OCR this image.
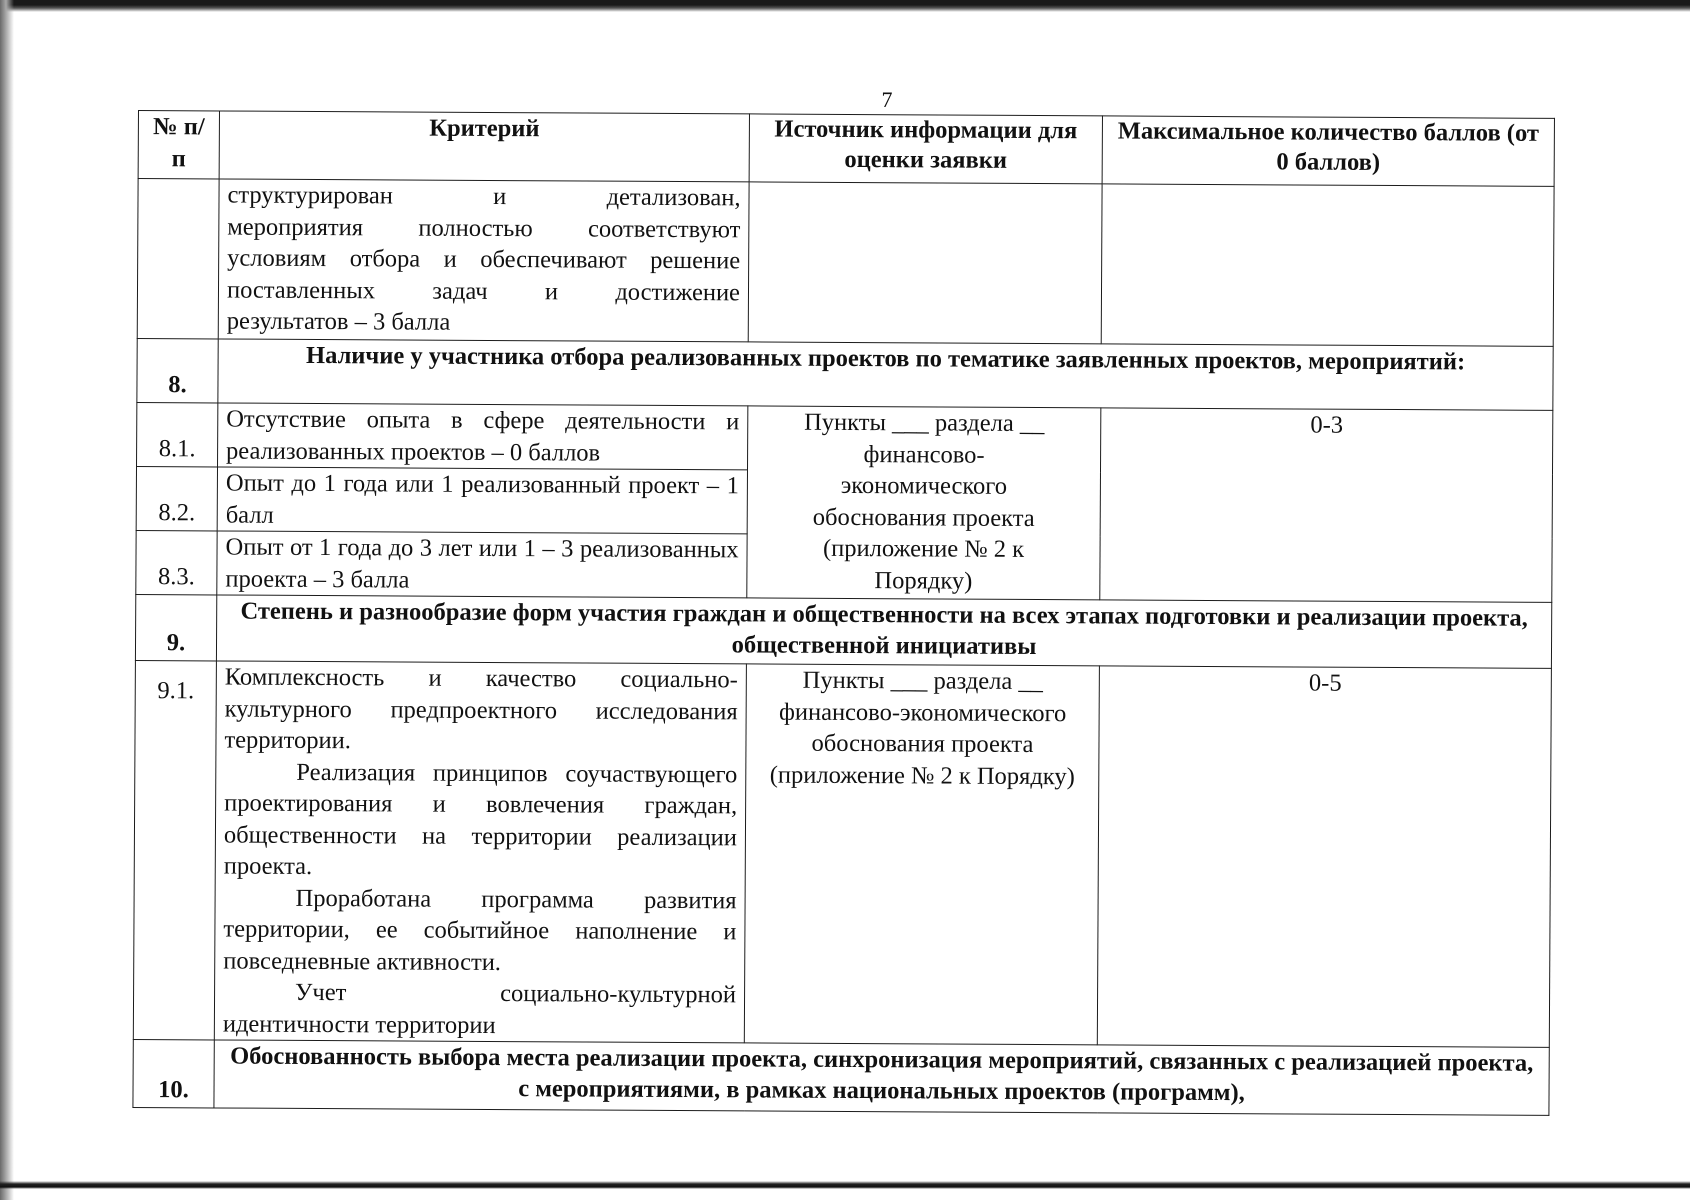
7
№ п/п	Критерий	Источник информации для оценки заявки	Максимальное количество баллов (от 0 баллов)

	структурирован и детализован,
мероприятия полностью соответствуют
условиям отбора и обеспечивают решение
поставленных задач и достижение
результатов – 3 балла		

8.	Наличие у участника отбора реализованных проектов по тематике заявленных проектов, мероприятий:		
8.1.	Отсутствие опыта в сфере деятельности и реализованных проектов – 0 баллов	Пункты ___ раздела __ финансово-экономического обоснования проекта (приложение № 2 к Порядку)	0-3
8.2.	Опыт до 1 года или 1 реализованный проект – 1 балл		
8.3.	Опыт от 1 года до 3 лет или 1 – 3 реализованных проекта – 3 балла		
9.	Степень и разнообразие форм участия граждан и общественности на всех этапах подготовки и реализации проекта, общественной инициативы		
9.1.	Комплексность и качество социально-культурного предпроектного исследования территории.
Реализация принципов соучаствующего проектирования и вовлечения граждан, общественности на территории реализации проекта.
Проработана программа развития территории, ее событийное наполнение и повседневные активности.
Учет социально-культурной идентичности территории	Пункты ___ раздела __ финансово-экономического обоснования проекта (приложение № 2 к Порядку)	0-5
10.	Обоснованность выбора места реализации проекта, синхронизация мероприятий, связанных с реализацией проекта, с мероприятиями, в рамках национальных проектов (программ),		
